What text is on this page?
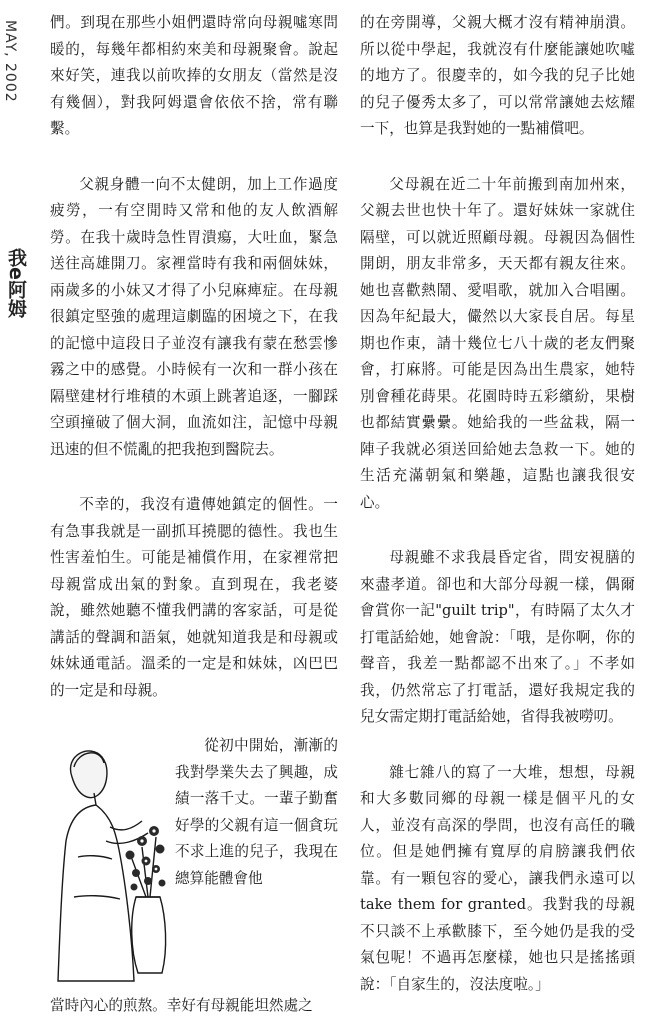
MAY, 2002
我e阿姆

們。到現在那些小姐們還時常向母親噓寒問暖的，每幾年都相約來美和母親聚會。說起來好笑，連我以前吹捧的女朋友（當然是沒有幾個），對我阿姆還會依依不捨，常有聯繫。

父親身體一向不太健朗，加上工作過度疲勞，一有空閒時又常和他的友人飲酒解勞。在我十歲時急性胃潰瘍，大吐血，緊急送往高雄開刀。家裡當時有我和兩個妹妹，兩歲多的小妹又才得了小兒麻痺症。在母親很鎮定堅強的處理這劇臨的困境之下，在我的記憶中這段日子並沒有讓我有蒙在愁雲慘霧之中的感覺。小時候有一次和一群小孩在隔壁建材行堆積的木頭上跳著追逐，一腳踩空頭撞破了個大洞，血流如注，記憶中母親迅速的但不慌亂的把我抱到醫院去。

不幸的，我沒有遺傳她鎮定的個性。一有急事我就是一副抓耳撓腮的德性。我也生性害羞怕生。可能是補償作用，在家裡常把母親當成出氣的對象。直到現在，我老婆說，雖然她聽不懂我們講的客家話，可是從講話的聲調和語氣，她就知道我是和母親或妹妹通電話。溫柔的一定是和妹妹，凶巴巴的一定是和母親。

從初中開始，漸漸的我對學業失去了興趣，成績一落千丈。一輩子勤奮好學的父親有這一個貪玩不求上進的兒子，我現在總算能體會他

當時內心的煎熬。幸好有母親能坦然處之

的在旁開導，父親大概才沒有精神崩潰。所以從中學起，我就沒有什麼能讓她吹噓的地方了。很慶幸的，如今我的兒子比她的兒子優秀太多了，可以常常讓她去炫耀一下，也算是我對她的一點補償吧。

父母親在近二十年前搬到南加州來，父親去世也快十年了。還好妹妹一家就住隔壁，可以就近照顧母親。母親因為個性開朗，朋友非常多，天天都有親友往來。她也喜歡熱鬧、愛唱歌，就加入合唱團。因為年紀最大，儼然以大家長自居。每星期也作東，請十幾位七八十歲的老友們聚會，打麻將。可能是因為出生農家，她特別會種花蒔果。花園時時五彩繽紛，果樹也都結實纍纍。她給我的一些盆栽，隔一陣子我就必須送回給她去急救一下。她的生活充滿朝氣和樂趣，這點也讓我很安心。

母親雖不求我晨昏定省，問安視膳的來盡孝道。卻也和大部分母親一樣，偶爾會賞你一記"guilt trip"，有時隔了太久才打電話給她，她會說：「哦，是你啊，你的聲音，我差一點都認不出來了。」不孝如我，仍然常忘了打電話，還好我規定我的兒女需定期打電話給她，省得我被嘮叨。

雜七雜八的寫了一大堆，想想，母親和大多數同鄉的母親一樣是個平凡的女人，並沒有高深的學問，也沒有高任的職位。但是她們擁有寬厚的肩膀讓我們依靠。有一顆包容的愛心，讓我們永遠可以take them for granted。我對我的母親不只談不上承歡膝下，至今她仍是我的受氣包呢！不過再怎麼樣，她也只是搖搖頭說：「自家生的，沒法度啦。」
